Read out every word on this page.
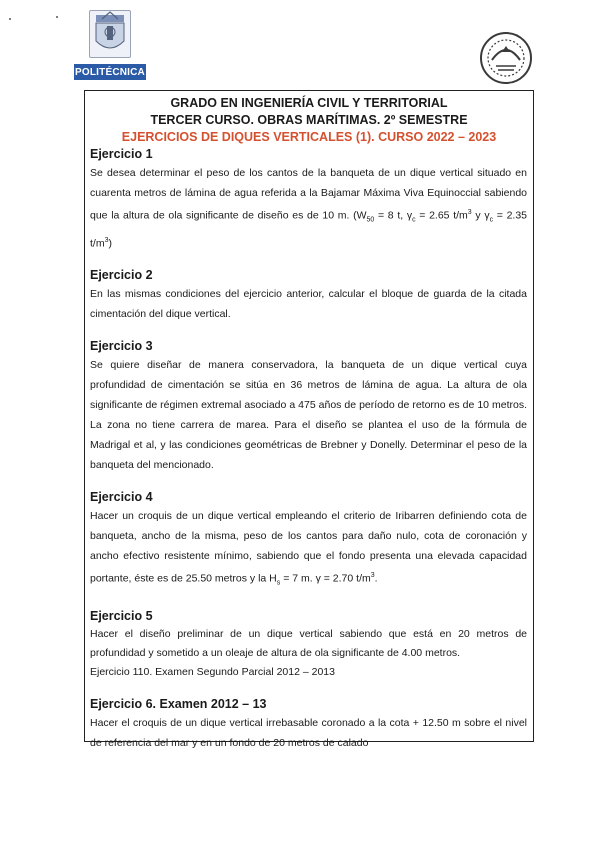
POLITÉCNICA
GRADO EN INGENIERÍA CIVIL Y TERRITORIAL
TERCER CURSO. OBRAS MARÍTIMAS. 2º SEMESTRE
EJERCICIOS DE DIQUES VERTICALES (1). CURSO 2022 – 2023
Ejercicio 1

Se desea determinar el peso de los cantos de la banqueta de un dique vertical situado en cuarenta metros de lámina de agua referida a la Bajamar Máxima Viva Equinoccial sabiendo que la altura de ola significante de diseño es de 10 m. ($W_{50} = 8$ t, $\gamma_c = 2.65$ $t/m^3$ y $\gamma_c = 2.35$ $t/m^3$)

Ejercicio 2

En las mismas condiciones del ejercicio anterior, calcular el bloque de guarda de la citada cimentación del dique vertical.

Ejercicio 3

Se quiere diseñar de manera conservadora, la banqueta de un dique vertical cuya profundidad de cimentación se sitúa en 36 metros de lámina de agua. La altura de ola significante de régimen extremal asociado a 475 años de período de retorno es de 10 metros. La zona no tiene carrera de marea. Para el diseño se plantea el uso de la fórmula de Madrigal et al, y las condiciones geométricas de Brebner y Donelly. Determinar el peso de la banqueta del mencionado.

Ejercicio 4

Hacer un croquis de un dique vertical empleando el criterio de Iribarren definiendo cota de banqueta, ancho de la misma, peso de los cantos para daño nulo, cota de coronación y ancho efectivo resistente mínimo, sabiendo que el fondo presenta una elevada capacidad portante, éste es de 25.50 metros y la $H_s = 7$ m. γ = 2.70 $t/m^3$.

Ejercicio 5

Hacer el diseño preliminar de un dique vertical sabiendo que está en 20 metros de profundidad y sometido a un oleaje de altura de ola significante de 4.00 metros.

Ejercicio 110. Examen Segundo Parcial 2012 – 2013

Ejercicio 6. Examen 2012 – 13

Hacer el croquis de un dique vertical irrebasable coronado a la cota + 12.50 m sobre el nivel de referencia del mar y en un fondo de 20 metros de calado
